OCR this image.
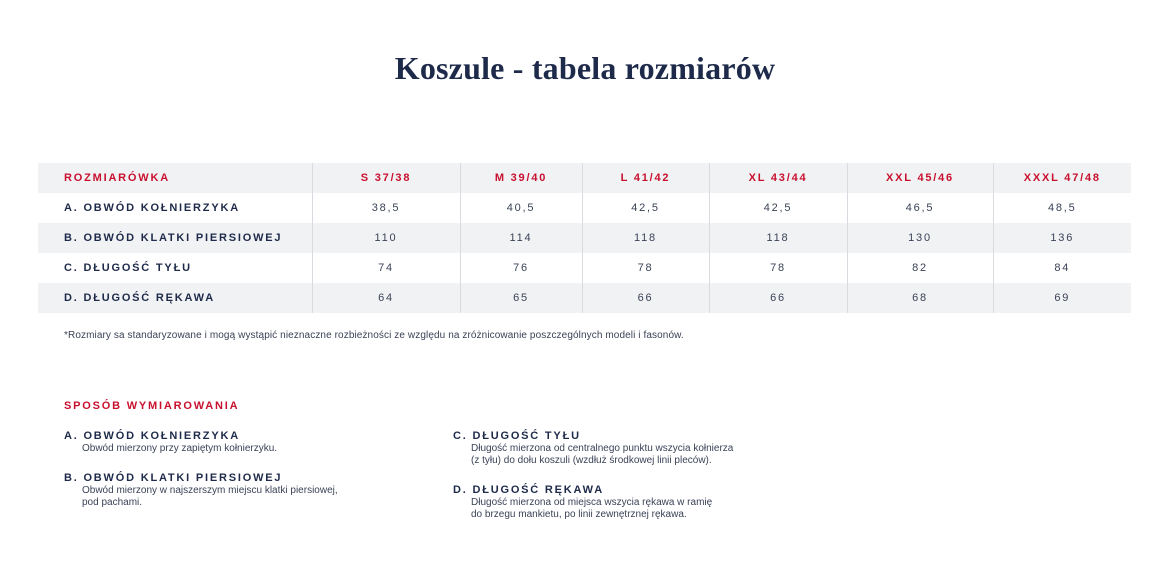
Koszule - tabela rozmiarów
ROZMIARÓWKA	S 37/38	M 39/40	L 41/42	XL 43/44	XXL 45/46	XXXL 47/48
A. OBWÓD KOŁNIERZYKA	38,5	40,5	42,5	42,5	46,5	48,5
B. OBWÓD KLATKI PIERSIOWEJ	110	114	118	118	130	136
C. DŁUGOŚĆ TYŁU	74	76	78	78	82	84
D. DŁUGOŚĆ RĘKAWA	64	65	66	66	68	69
*Rozmiary sa standaryzowane i mogą wystąpić nieznaczne rozbieżności ze względu na zróżnicowanie poszczególnych modeli i fasonów.
SPOSÓB WYMIAROWANIA
A. OBWÓD KOŁNIERZYKA
Obwód mierzony przy zapiętym kołnierzyku.
B. OBWÓD KLATKI PIERSIOWEJ
Obwód mierzony w najszerszym miejscu klatki piersiowej,
pod pachami.
C. DŁUGOŚĆ TYŁU
Długość mierzona od centralnego punktu wszycia kołnierza
(z tyłu) do dołu koszuli (wzdłuż środkowej linii pleców).
D. DŁUGOŚĆ RĘKAWA
Długość mierzona od miejsca wszycia rękawa w ramię
do brzegu mankietu, po linii zewnętrznej rękawa.
